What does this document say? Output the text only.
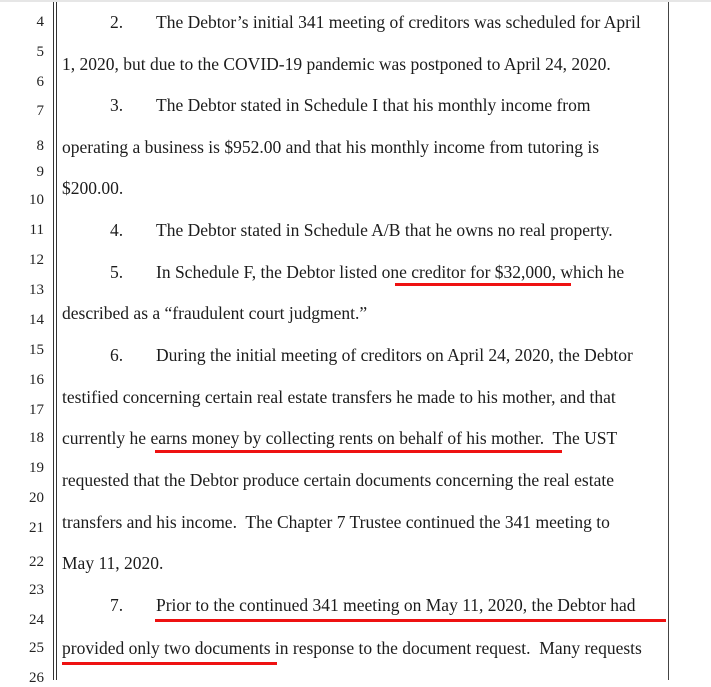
4
5
6
7
8
9
10
11
12
13
14
15
16
17
18
19
20
21
22
23
24
25
26
2. The Debtor’s initial 341 meeting of creditors was scheduled for April
1, 2020, but due to the COVID-19 pandemic was postponed to April 24, 2020.
3. The Debtor stated in Schedule I that his monthly income from
operating a business is $952.00 and that his monthly income from tutoring is
$200.00.
4. The Debtor stated in Schedule A/B that he owns no real property.
5. In Schedule F, the Debtor listed one creditor for $32,000, which he
described as a “fraudulent court judgment.”
6. During the initial meeting of creditors on April 24, 2020, the Debtor
testified concerning certain real estate transfers he made to his mother, and that
currently he earns money by collecting rents on behalf of his mother.  The UST
requested that the Debtor produce certain documents concerning the real estate
transfers and his income.  The Chapter 7 Trustee continued the 341 meeting to
May 11, 2020.
7. Prior to the continued 341 meeting on May 11, 2020, the Debtor had
provided only two documents in response to the document request.  Many requests
